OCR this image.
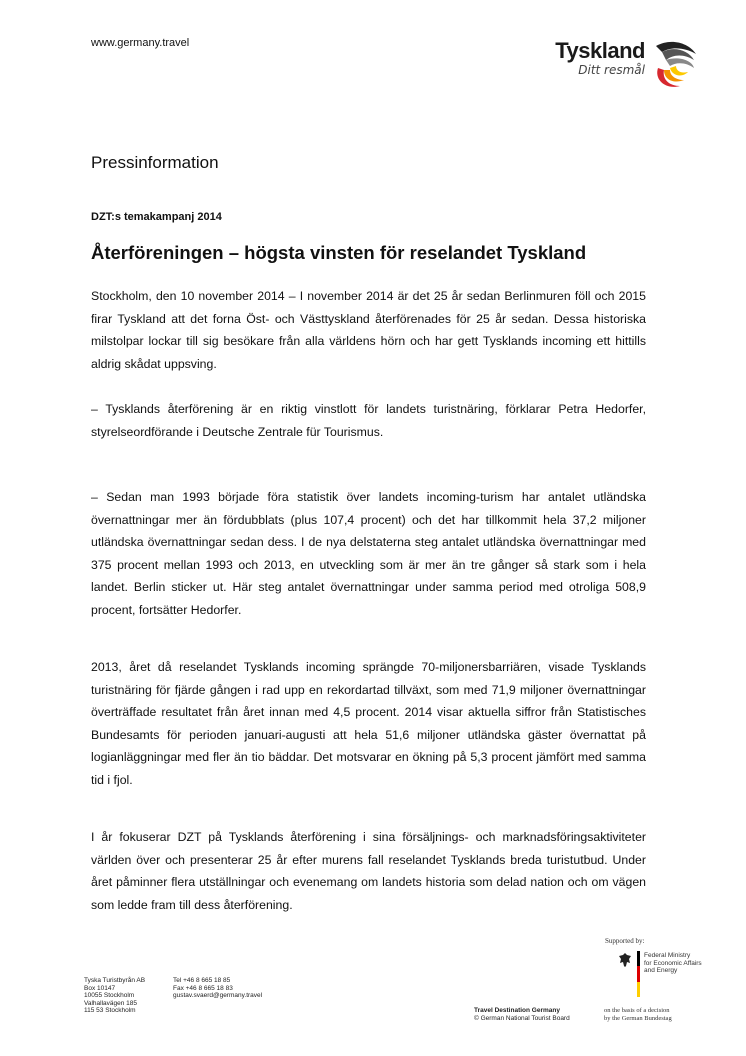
www.germany.travel	Tyskland
Ditt resmål
Pressinformation
DZT:s temakampanj 2014
Återföreningen – högsta vinsten för reselandet Tyskland

Stockholm, den 10 november 2014 – I november 2014 är det 25 år sedan Berlinmuren föll och 2015 firar Tyskland att det forna Öst- och Västtyskland återförenades för 25 år sedan. Dessa historiska milstolpar lockar till sig besökare från alla världens hörn och har gett Tysklands incoming ett hittills aldrig skådat uppsving.

– Tysklands återförening är en riktig vinstlott för landets turistnäring, förklarar Petra Hedorfer, styrelseordförande i Deutsche Zentrale für Tourismus.

– Sedan man 1993 började föra statistik över landets incoming-turism har antalet utländska övernattningar mer än fördubblats (plus 107,4 procent) och det har tillkommit hela 37,2 miljoner utländska övernattningar sedan dess. I de nya delstaterna steg antalet utländska övernattningar med 375 procent mellan 1993 och 2013, en utveckling som är mer än tre gånger så stark som i hela landet. Berlin sticker ut. Här steg antalet övernattningar under samma period med otroliga 508,9 procent, fortsätter Hedorfer.

2013, året då reselandet Tysklands incoming sprängde 70-miljonersbarriären, visade Tysklands turistnäring för fjärde gången i rad upp en rekordartad tillväxt, som med 71,9 miljoner övernattningar överträffade resultatet från året innan med 4,5 procent. 2014 visar aktuella siffror från Statistisches Bundesamts för perioden januari-augusti att hela 51,6 miljoner utländska gäster övernattat på logianläggningar med fler än tio bäddar. Det motsvarar en ökning på 5,3 procent jämfört med samma tid i fjol.

I år fokuserar DZT på Tysklands återförening i sina försäljnings- och marknadsföringsaktiviteter världen över och presenterar 25 år efter murens fall reselandet Tysklands breda turistutbud. Under året påminner flera utställningar och evenemang om landets historia som delad nation och om vägen som ledde fram till dess återförening.

Supported by:
Federal Ministry
for Economic Affairs
and Energy
Tyska Turistbyrån AB
Box 10147
10055 Stockholm
Valhallavägen 185
115 53 Stockholm
Tel +46 8 665 18 85
Fax +46 8 665 18 83
gustav.svaerd@germany.travel
Travel Destination Germany
© German National Tourist Board
on the basis of a decision
by the German Bundestag
